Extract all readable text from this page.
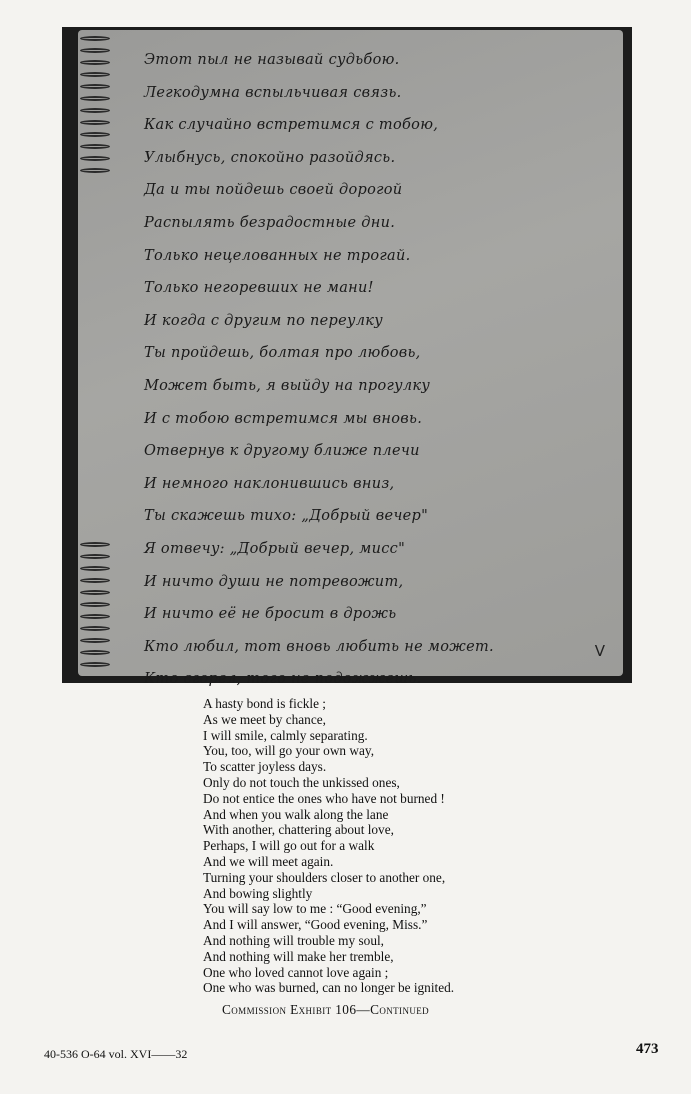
Этот пыл не называй судьбою.
Легкодумна вспыльчивая связь.
Как случайно встретимся с тобою,
Улыбнусь, спокойно разойдясь.
Да и ты пойдешь своей дорогой
Распылять безрадостные дни.
Только нецелованных не трогай.
Только негоревших не мани!
И когда с другим по переулку
Ты пройдешь, болтая про любовь,
Может быть, я выйду на прогулку
И с тобою встретимся мы вновь.
Отвернув к другому ближе плечи
И немного наклонившись вниз,
Ты скажешь тихо: „Добрый вечер"
Я отвечу: „Добрый вечер, мисс"
И ничто души не потревожит,
И ничто её не бросит в дрожь
Кто любил, тот вновь любить не может.
Кто сгорел, того не подожжешь.
V
A hasty bond is fickle ;
As we meet by chance,
I will smile, calmly separating.
You, too, will go your own way,
To scatter joyless days.
Only do not touch the unkissed ones,
Do not entice the ones who have not burned !
And when you walk along the lane
With another, chattering about love,
Perhaps, I will go out for a walk
And we will meet again.
Turning your shoulders closer to another one,
And bowing slightly
You will say low to me : “Good evening,”
And I will answer, “Good evening, Miss.”
And nothing will trouble my soul,
And nothing will make her tremble,
One who loved cannot love again ;
One who was burned, can no longer be ignited.
Commission Exhibit 106—Continued
40-536 O-64 vol. XVI——32	473
